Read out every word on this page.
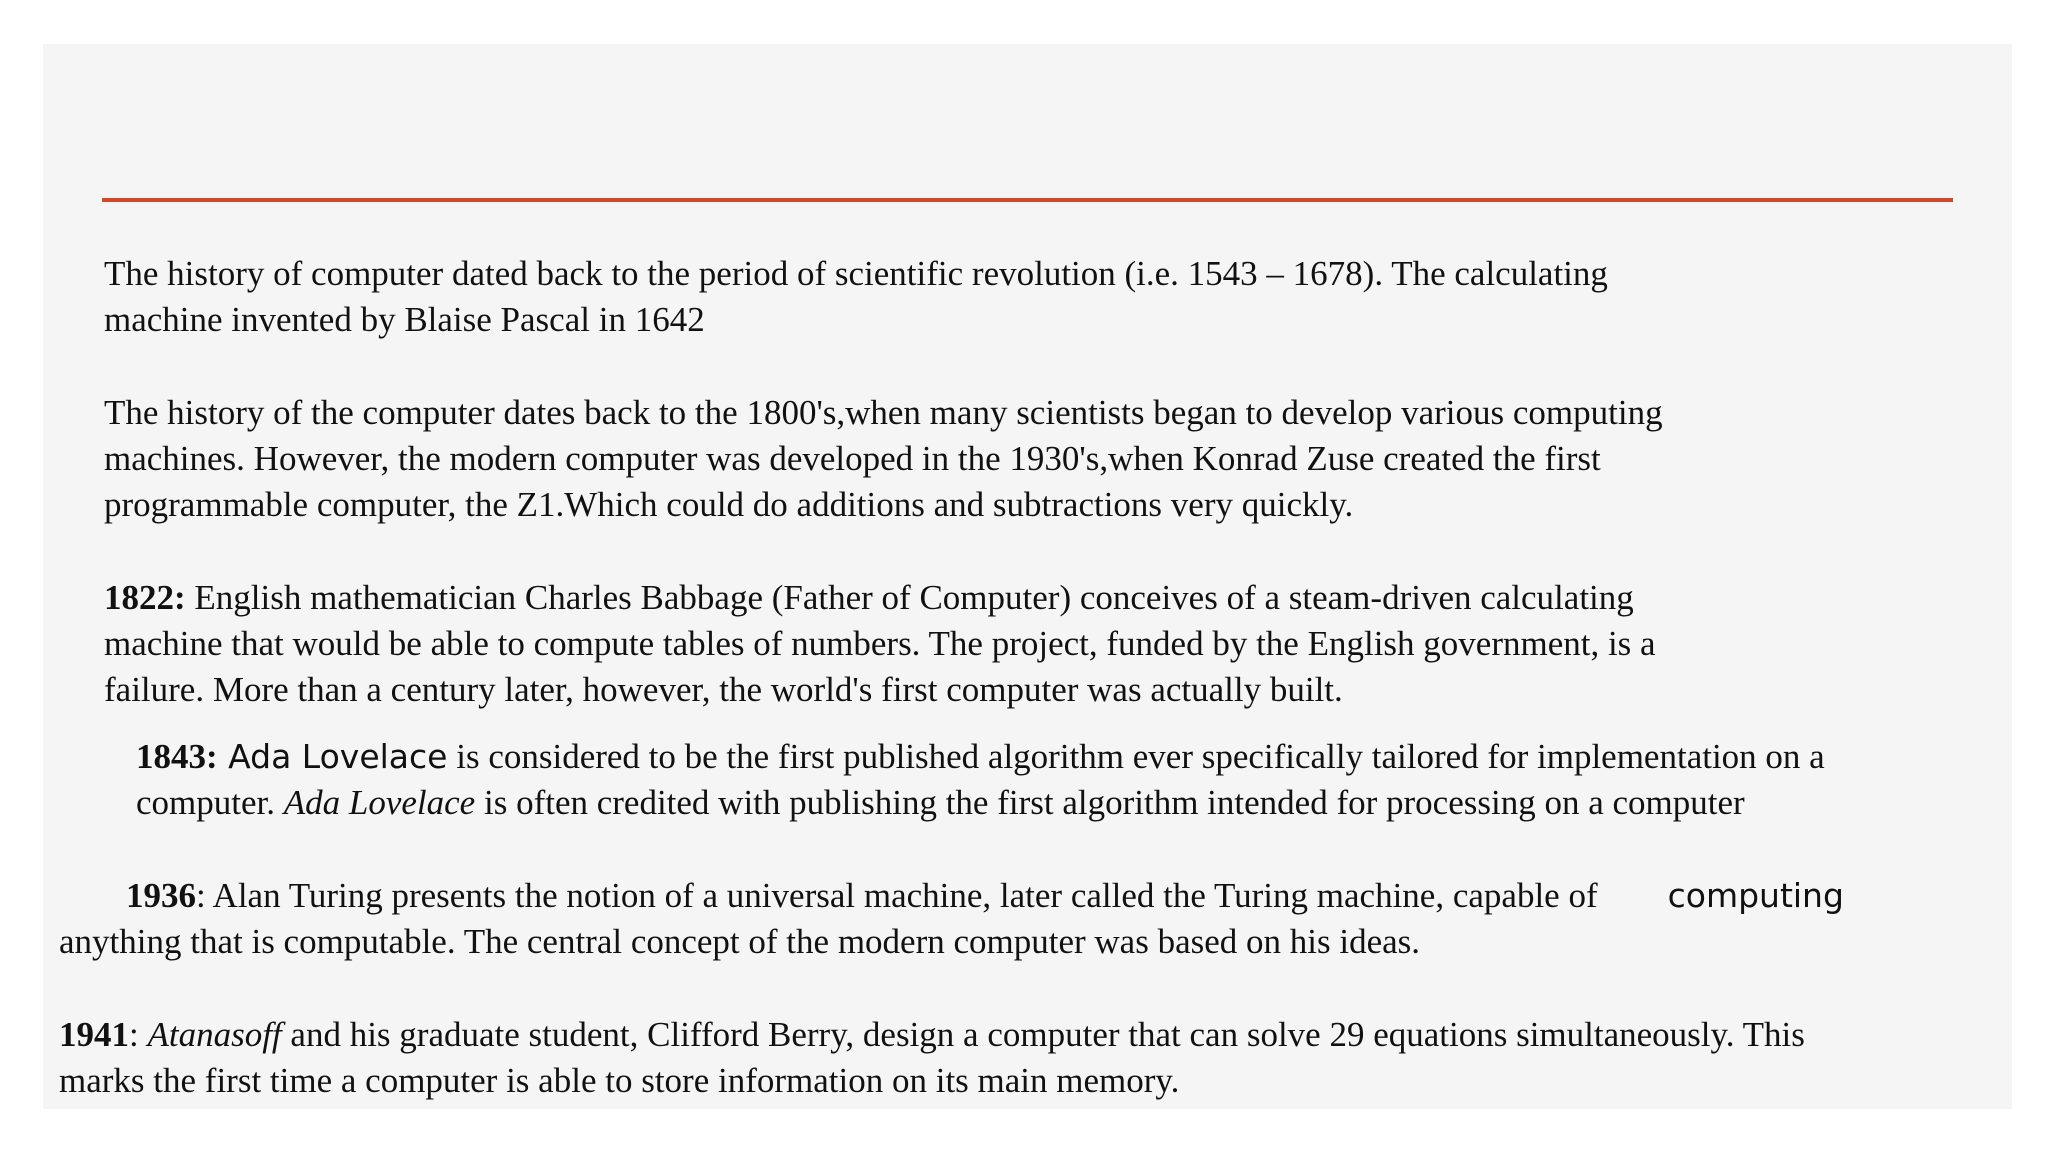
The history of computer dated back to the period of scientific revolution (i.e. 1543 – 1678). The calculating

machine invented by Blaise Pascal in 1642

The history of the computer dates back to the 1800's,when many scientists began to develop various computing

machines. However, the modern computer was developed in the 1930's,when Konrad Zuse created the first

programmable computer, the Z1.Which could do additions and subtractions very quickly.

1822: English mathematician Charles Babbage (Father of Computer) conceives of a steam-driven calculating

machine that would be able to compute tables of numbers. The project, funded by the English government, is a

failure. More than a century later, however, the world's first computer was actually built.

1843: Ada Lovelace is considered to be the first published algorithm ever specifically tailored for implementation on a

computer. Ada Lovelace is often credited with publishing the first algorithm intended for processing on a computer

1936: Alan Turing presents the notion of a universal machine, later called the Turing machine, capable of computing

anything that is computable. The central concept of the modern computer was based on his ideas.

1941: Atanasoff and his graduate student, Clifford Berry, design a computer that can solve 29 equations simultaneously. This

marks the first time a computer is able to store information on its main memory.
